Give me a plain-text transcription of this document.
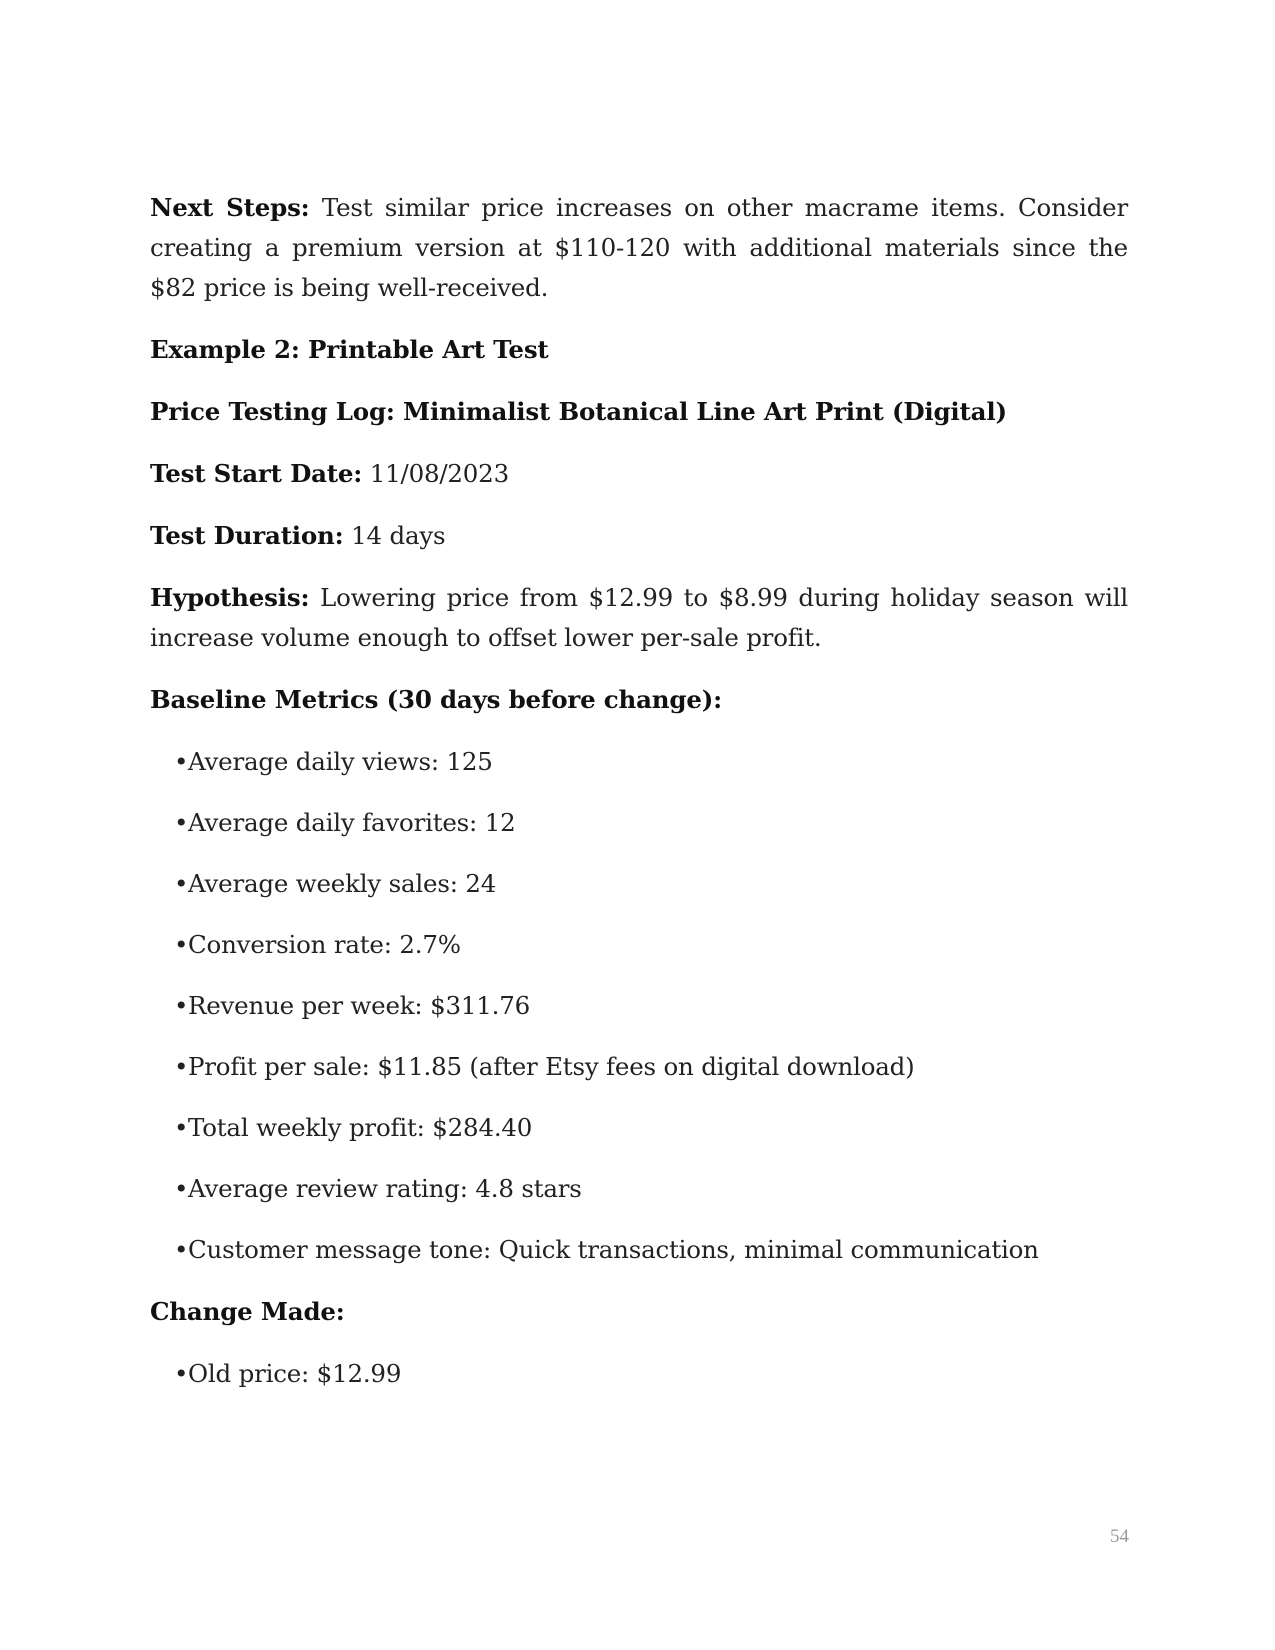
Next Steps: Test similar price increases on other macrame items. Consider creating a premium version at $110-120 with additional materials since the $82 price is being well-received.

Example 2: Printable Art Test
Price Testing Log: Minimalist Botanical Line Art Print (Digital)

Test Start Date: 11/08/2023

Test Duration: 14 days

Hypothesis: Lowering price from $12.99 to $8.99 during holiday season will increase volume enough to offset lower per-sale profit.

Baseline Metrics (30 days before change):
•Average daily views: 125
•Average daily favorites: 12
•Average weekly sales: 24
•Conversion rate: 2.7%
•Revenue per week: $311.76
•Profit per sale: $11.85 (after Etsy fees on digital download)
•Total weekly profit: $284.40
•Average review rating: 4.8 stars
•Customer message tone: Quick transactions, minimal communication
Change Made:
•Old price: $12.99
54
